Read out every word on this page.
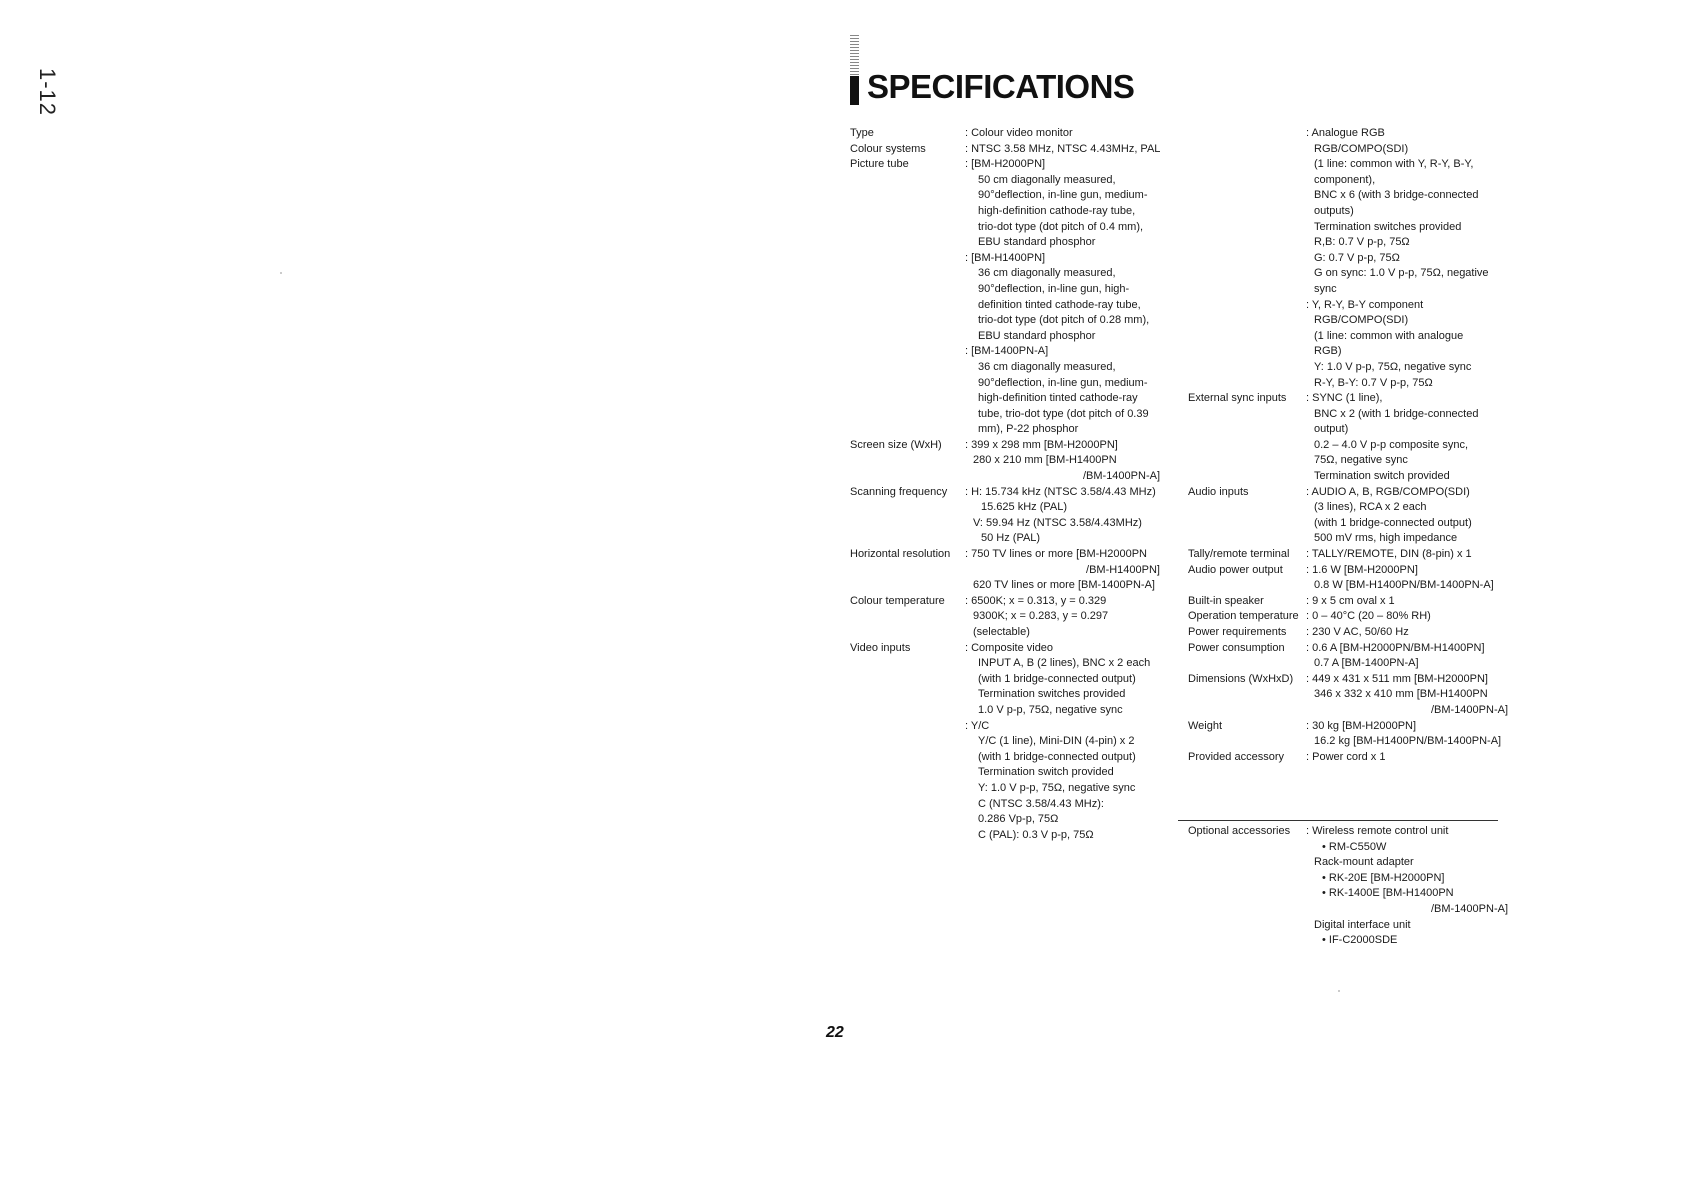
1-12	SPECIFICATIONS
Type	: Colour video monitor
Colour systems	: NTSC 3.58 MHz, NTSC 4.43MHz, PAL
Picture tube	: [BM-H2000PN]
50 cm diagonally measured,
90°deflection, in-line gun, medium-
high-definition cathode-ray tube,
trio-dot type (dot pitch of 0.4 mm),
EBU standard phosphor
: [BM-H1400PN]
36 cm diagonally measured,
90°deflection, in-line gun, high-
definition tinted cathode-ray tube,
trio-dot type (dot pitch of 0.28 mm),
EBU standard phosphor
: [BM-1400PN-A]
36 cm diagonally measured,
90°deflection, in-line gun, medium-
high-definition tinted cathode-ray
tube, trio-dot type (dot pitch of 0.39
mm), P-22 phosphor
Screen size (WxH)	: 399 x 298 mm [BM-H2000PN]
280 x 210 mm [BM-H1400PN
/BM-1400PN-A]
Scanning frequency	: H: 15.734 kHz (NTSC 3.58/4.43 MHz)
15.625 kHz (PAL)
V: 59.94 Hz (NTSC 3.58/4.43MHz)
50 Hz (PAL)
Horizontal resolution	: 750 TV lines or more [BM-H2000PN
/BM-H1400PN]
620 TV lines or more [BM-1400PN-A]
Colour temperature	: 6500K; x = 0.313, y = 0.329
9300K; x = 0.283, y = 0.297
(selectable)
Video inputs	: Composite video
INPUT A, B (2 lines), BNC x 2 each
(with 1 bridge-connected output)
Termination switches provided
1.0 V p-p, 75Ω, negative sync
: Y/C
Y/C (1 line), Mini-DIN (4-pin) x 2
(with 1 bridge-connected output)
Termination switch provided
Y: 1.0 V p-p, 75Ω, negative sync
C (NTSC 3.58/4.43 MHz):
0.286 Vp-p, 75Ω
C (PAL): 0.3 V p-p, 75Ω
: Analogue RGB
RGB/COMPO(SDI)
(1 line: common with Y, R-Y, B-Y,
component),
BNC x 6 (with 3 bridge-connected
outputs)
Termination switches provided
R,B: 0.7 V p-p, 75Ω
G: 0.7 V p-p, 75Ω
G on sync: 1.0 V p-p, 75Ω, negative
sync
: Y, R-Y, B-Y component
RGB/COMPO(SDI)
(1 line: common with analogue
RGB)
Y: 1.0 V p-p, 75Ω, negative sync
R-Y, B-Y: 0.7 V p-p, 75Ω
External sync inputs	: SYNC (1 line),
BNC x 2 (with 1 bridge-connected
output)
0.2 – 4.0 V p-p composite sync,
75Ω, negative sync
Termination switch provided
Audio inputs	: AUDIO A, B, RGB/COMPO(SDI)
(3 lines), RCA x 2 each
(with 1 bridge-connected output)
500 mV rms, high impedance
Tally/remote terminal	: TALLY/REMOTE, DIN (8-pin) x 1
Audio power output	: 1.6 W [BM-H2000PN]
0.8 W [BM-H1400PN/BM-1400PN-A]
Built-in speaker	: 9 x 5 cm oval x 1
Operation temperature : 0 – 40°C (20 – 80% RH)
Power requirements	: 230 V AC, 50/60 Hz
Power consumption	: 0.6 A [BM-H2000PN/BM-H1400PN]
0.7 A [BM-1400PN-A]
Dimensions (WxHxD)	: 449 x 431 x 511 mm [BM-H2000PN]
346 x 332 x 410 mm [BM-H1400PN
/BM-1400PN-A]
Weight	: 30 kg [BM-H2000PN]
16.2 kg [BM-H1400PN/BM-1400PN-A]
Provided accessory	: Power cord x 1
Optional accessories	: Wireless remote control unit
• RM-C550W
Rack-mount adapter
• RK-20E [BM-H2000PN]
• RK-1400E [BM-H1400PN
/BM-1400PN-A]
Digital interface unit
• IF-C2000SDE
22
